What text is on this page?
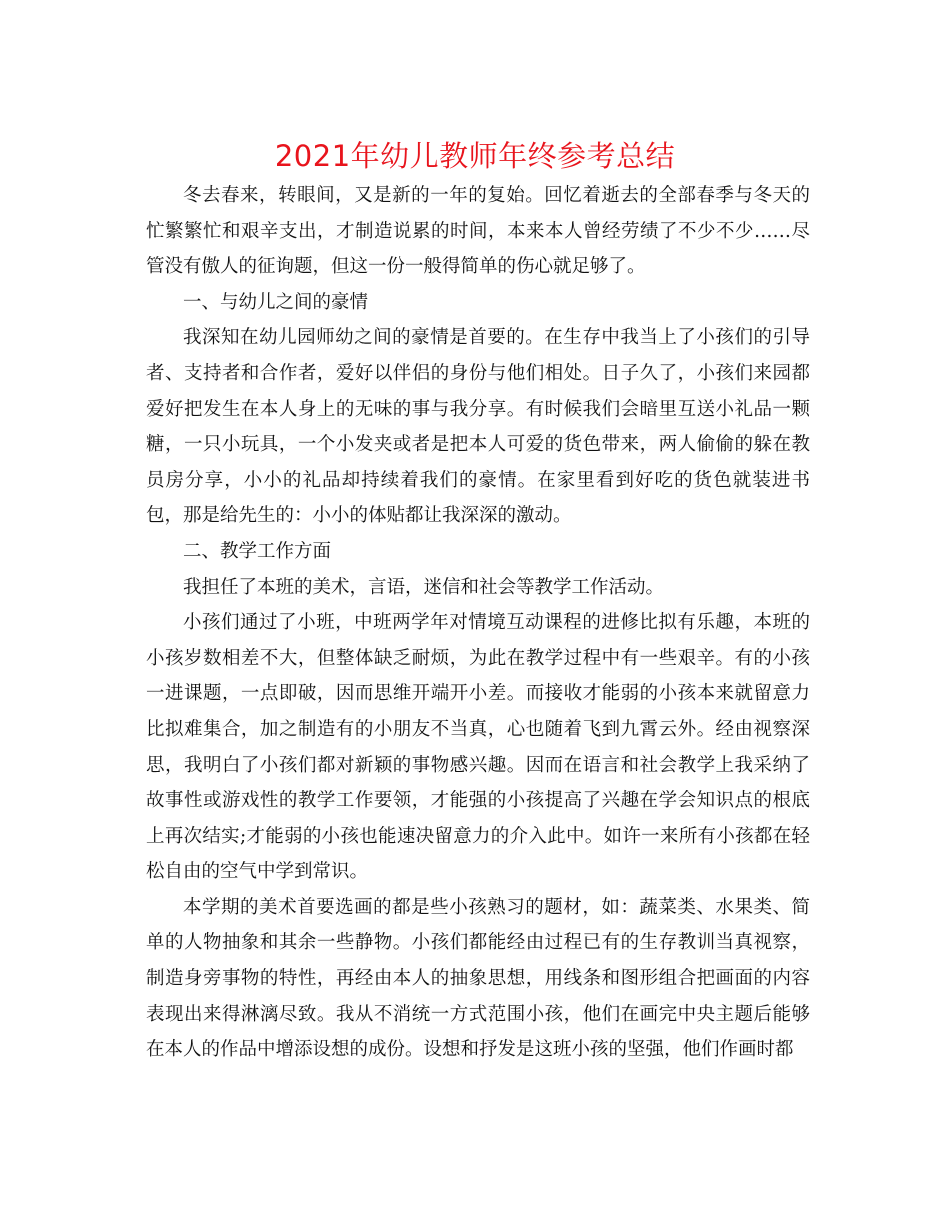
2021年幼儿教师年终参考总结

冬去春来，转眼间，又是新的一年的复始。回忆着逝去的全部春季与冬天的忙繁繁忙和艰辛支出，才制造说累的时间，本来本人曾经劳绩了不少不少……尽管没有傲人的征询题，但这一份一般得简单的伤心就足够了。

一、与幼儿之间的豪情

我深知在幼儿园师幼之间的豪情是首要的。在生存中我当上了小孩们的引导者、支持者和合作者，爱好以伴侣的身份与他们相处。日子久了，小孩们来园都爱好把发生在本人身上的无味的事与我分享。有时候我们会暗里互送小礼品一颗糖，一只小玩具，一个小发夹或者是把本人可爱的货色带来，两人偷偷的躲在教员房分享，小小的礼品却持续着我们的豪情。在家里看到好吃的货色就装进书包，那是给先生的：小小的体贴都让我深深的激动。

二、教学工作方面

我担任了本班的美术，言语，迷信和社会等教学工作活动。

小孩们通过了小班，中班两学年对情境互动课程的进修比拟有乐趣，本班的小孩岁数相差不大，但整体缺乏耐烦，为此在教学过程中有一些艰辛。有的小孩一进课题，一点即破，因而思维开端开小差。而接收才能弱的小孩本来就留意力比拟难集合，加之制造有的小朋友不当真，心也随着飞到九霄云外。经由视察深思，我明白了小孩们都对新颖的事物感兴趣。因而在语言和社会教学上我采纳了故事性或游戏性的教学工作要领，才能强的小孩提高了兴趣在学会知识点的根底上再次结实;才能弱的小孩也能速决留意力的介入此中。如许一来所有小孩都在轻松自由的空气中学到常识。

本学期的美术首要选画的都是些小孩熟习的题材，如：蔬菜类、水果类、简单的人物抽象和其余一些静物。小孩们都能经由过程已有的生存教训当真视察，制造身旁事物的特性，再经由本人的抽象思想，用线条和图形组合把画面的内容表现出来得淋漓尽致。我从不消统一方式范围小孩，他们在画完中央主题后能够在本人的作品中增添设想的成份。设想和抒发是这班小孩的坚强，他们作画时都
